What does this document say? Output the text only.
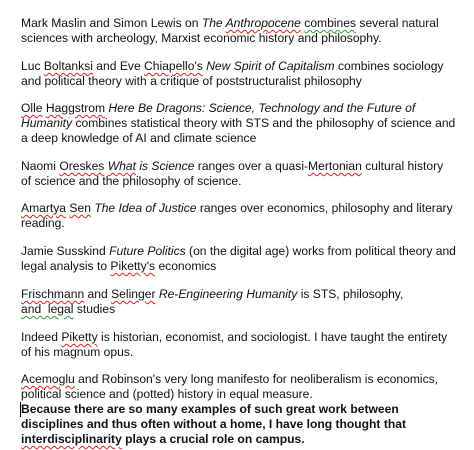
Mark Maslin and Simon Lewis on The Anthropocene combines several natural
sciences with archeology, Marxist economic history and philosophy.

Luc Boltanksi and Eve Chiapello's New Spirit of Capitalism combines sociology
and political theory with a critique of poststructuralist philosophy

Olle Haggstrom Here Be Dragons: Science, Technology and the Future of
Humanity combines statistical theory with STS and the philosophy of science and
a deep knowledge of AI and climate science

Naomi Oreskes What is Science ranges over a quasi-Mertonian cultural history
of science and the philosophy of science.

Amartya Sen The Idea of Justice ranges over economics, philosophy and literary
reading.

Jamie Susskind Future Politics (on the digital age) works from political theory and
legal analysis to Piketty's economics

Frischmann and Selinger Re-Engineering Humanity is STS, philosophy,
and  legal studies

Indeed Piketty is historian, economist, and sociologist. I have taught the entirety
of his magnum opus.

Acemoglu and Robinson's very long manifesto for neoliberalism is economics,
political science and (potted) history in equal measure.

Because there are so many examples of such great work between
disciplines and thus often without a home, I have long thought that
interdisciplinarity plays a crucial role on campus.
